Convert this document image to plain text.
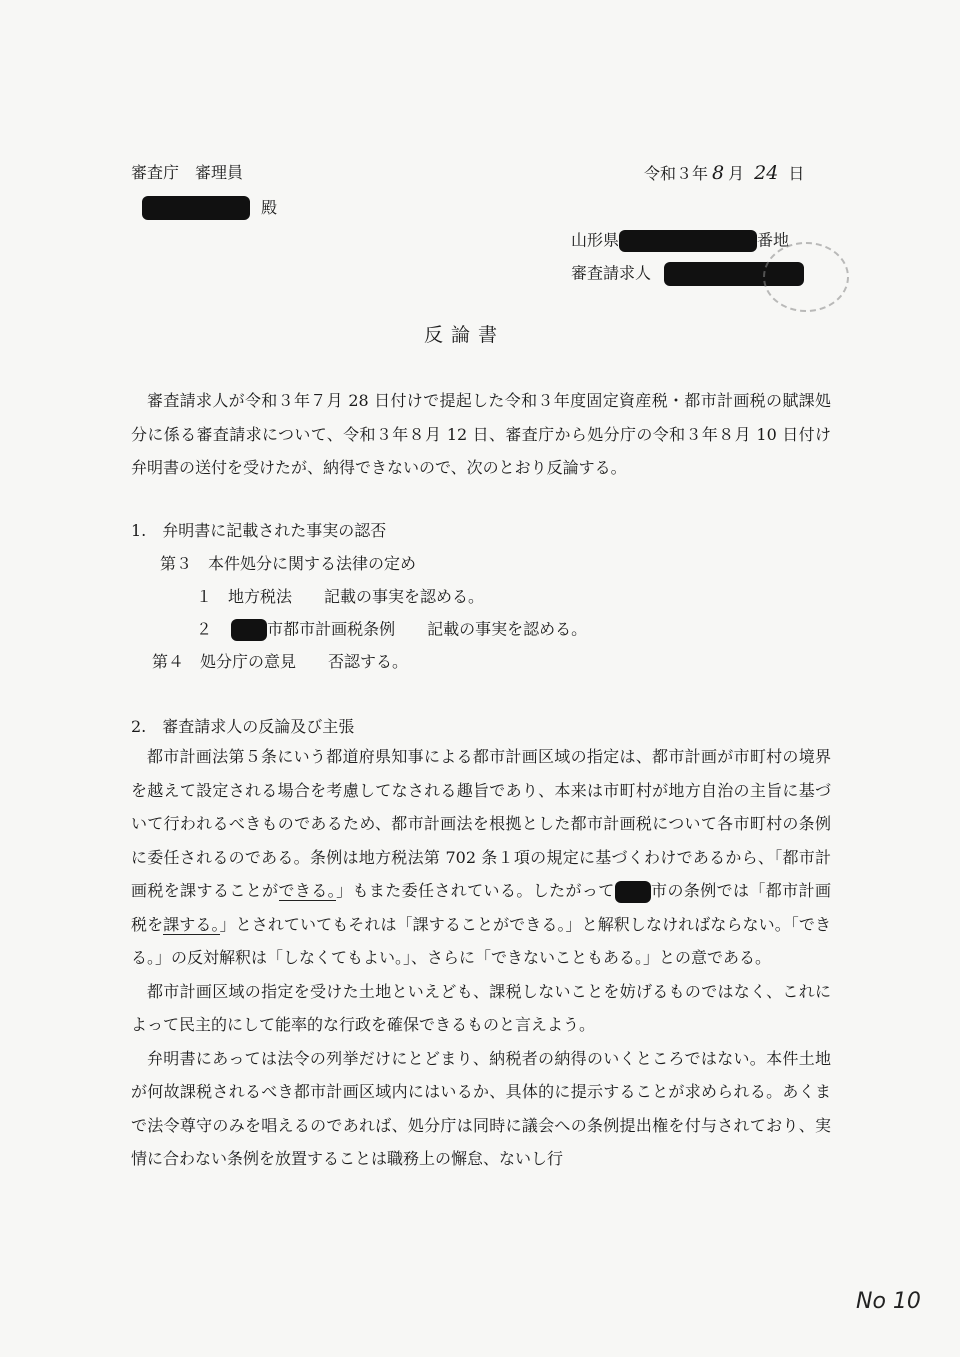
審査庁　審理員
殿
令和３年 8 月 24 日
山形県	番地
審査請求人
反論書

審査請求人が令和３年７月 28 日付けで提起した令和３年度固定資産税・都市計画税の賦課処分に係る審査請求について、令和３年８月 12 日、審査庁から処分庁の令和３年８月 10 日付け弁明書の送付を受けたが、納得できないので、次のとおり反論する。

1.　弁明書に記載された事実の認否
第３　本件処分に関する法律の定め
１　地方税法　　記載の事実を認める。
２	市都市計画税条例　　記載の事実を認める。
第４　処分庁の意見　　否認する。
2.　審査請求人の反論及び主張

都市計画法第５条にいう都道府県知事による都市計画区域の指定は、都市計画が市町村の境界を越えて設定される場合を考慮してなされる趣旨であり、本来は市町村が地方自治の主旨に基づいて行われるべきものであるため、都市計画法を根拠とした都市計画税について各市町村の条例に委任されるのである。条例は地方税法第 702 条１項の規定に基づくわけであるから、「都市計画税を課することができる。」もまた委任されている。したがって 市の条例では「都市計画税を課する。」とされていてもそれは「課することができる。」と解釈しなければならない。「できる。」の反対解釈は「しなくてもよい。」、さらに「できないこともある。」との意である。

都市計画区域の指定を受けた土地といえども、課税しないことを妨げるものではなく、これによって民主的にして能率的な行政を確保できるものと言えよう。

弁明書にあっては法令の列挙だけにとどまり、納税者の納得のいくところではない。本件土地が何故課税されるべき都市計画区域内にはいるか、具体的に提示することが求められる。あくまで法令尊守のみを唱えるのであれば、処分庁は同時に議会への条例提出権を付与されており、実情に合わない条例を放置することは職務上の懈怠、ないし行

No 10
